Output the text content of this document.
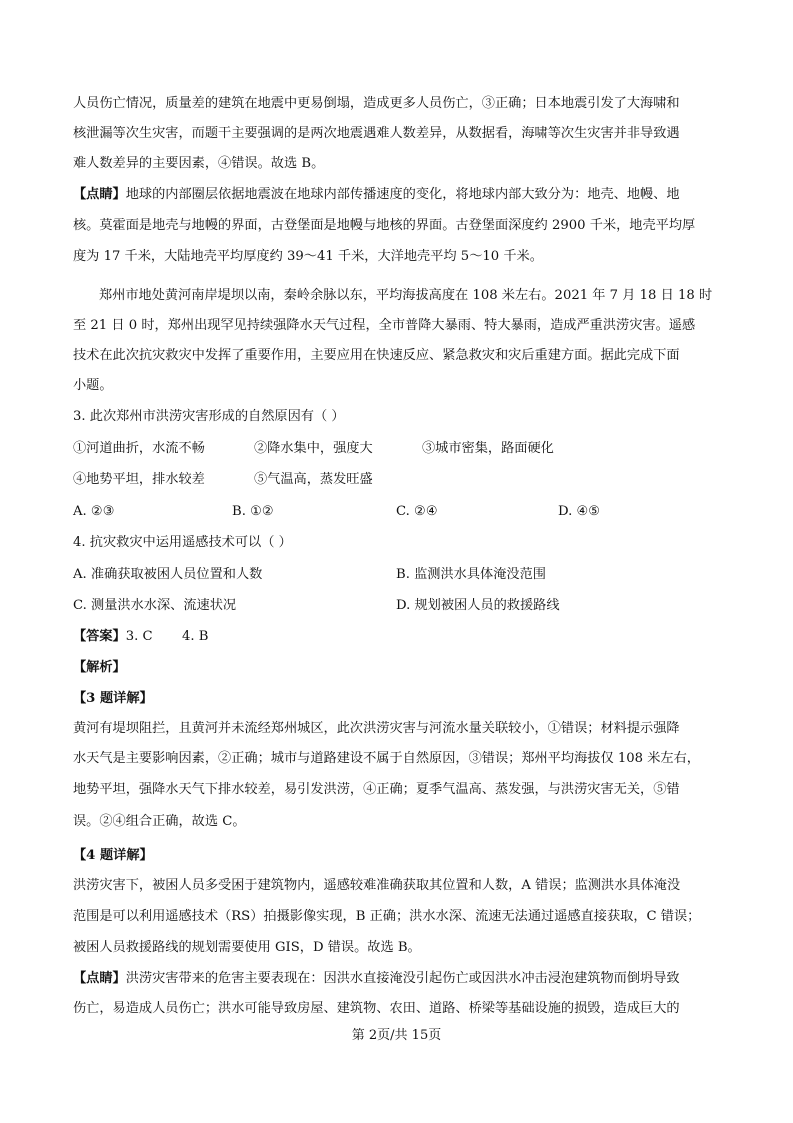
人员伤亡情况，质量差的建筑在地震中更易倒塌，造成更多人员伤亡，③正确；日本地震引发了大海啸和
核泄漏等次生灾害，而题干主要强调的是两次地震遇难人数差异，从数据看，海啸等次生灾害并非导致遇
难人数差异的主要因素，④错误。故选 B。
【点睛】地球的内部圈层依据地震波在地球内部传播速度的变化，将地球内部大致分为：地壳、地幔、地
核。莫霍面是地壳与地幔的界面，古登堡面是地幔与地核的界面。古登堡面深度约 2900 千米，地壳平均厚
度为 17 千米，大陆地壳平均厚度约 39～41 千米，大洋地壳平均 5～10 千米。
郑州市地处黄河南岸堤坝以南，秦岭余脉以东，平均海拔高度在 108 米左右。2021 年 7 月 18 日 18 时
至 21 日 0 时，郑州出现罕见持续强降水天气过程，全市普降大暴雨、特大暴雨，造成严重洪涝灾害。遥感
技术在此次抗灾救灾中发挥了重要作用，主要应用在快速反应、紧急救灾和灾后重建方面。据此完成下面
小题。
3. 此次郑州市洪涝灾害形成的自然原因有（ ）
①河道曲折，水流不畅	②降水集中，强度大	③城市密集，路面硬化
④地势平坦，排水较差	⑤气温高，蒸发旺盛
A. ②③	B. ①②	C. ②④	D. ④⑤
4. 抗灾救灾中运用遥感技术可以（ ）
A. 准确获取被困人员位置和人数	B. 监测洪水具体淹没范围
C. 测量洪水水深、流速状况	D. 规划被困人员的救援路线
【答案】3. C       4. B
【解析】
【3 题详解】
黄河有堤坝阻拦，且黄河并未流经郑州城区，此次洪涝灾害与河流水量关联较小，①错误；材料提示强降
水天气是主要影响因素，②正确；城市与道路建设不属于自然原因，③错误；郑州平均海拔仅 108 米左右，
地势平坦，强降水天气下排水较差，易引发洪涝，④正确；夏季气温高、蒸发强，与洪涝灾害无关，⑤错
误。②④组合正确，故选 C。
【4 题详解】
洪涝灾害下，被困人员多受困于建筑物内，遥感较难准确获取其位置和人数，A 错误；监测洪水具体淹没
范围是可以利用遥感技术（RS）拍摄影像实现，B 正确；洪水水深、流速无法通过遥感直接获取，C 错误；
被困人员救援路线的规划需要使用 GIS，D 错误。故选 B。
【点睛】洪涝灾害带来的危害主要表现在：因洪水直接淹没引起伤亡或因洪水冲击浸泡建筑物而倒坍导致
伤亡，易造成人员伤亡；洪水可能导致房屋、建筑物、农田、道路、桥梁等基础设施的损毁，造成巨大的
第 2页/共 15页
